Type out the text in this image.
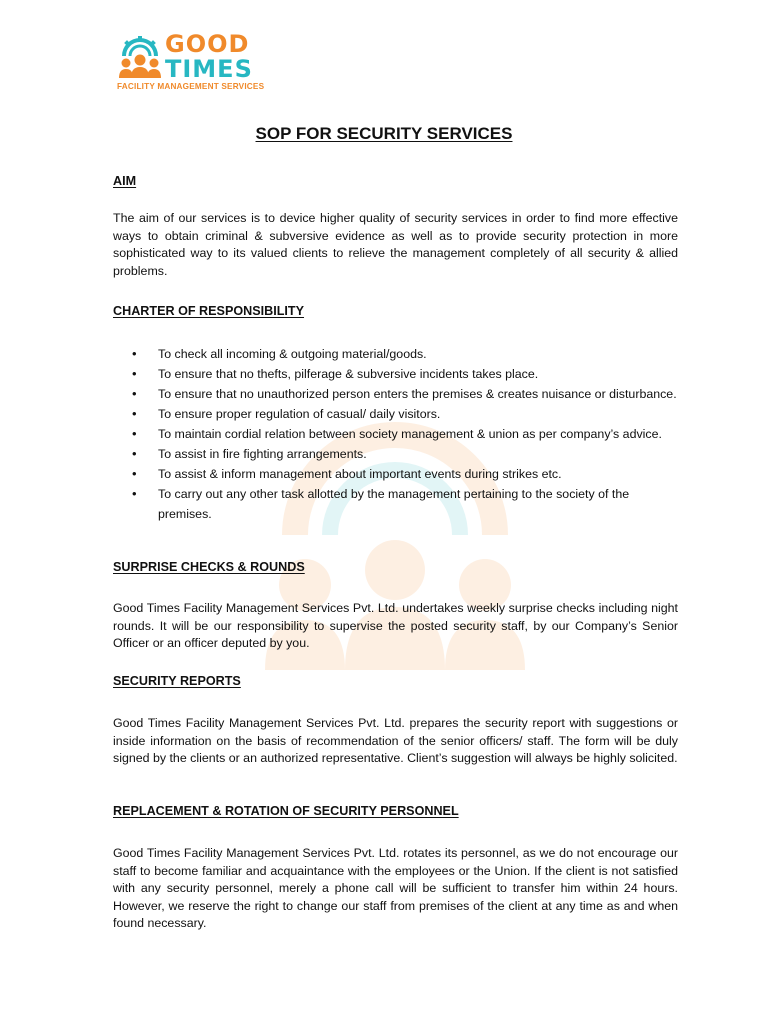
GOOD
TIMES
FACILITY MANAGEMENT SERVICES
SOP FOR SECURITY SERVICES
AIM
The aim of our services is to device higher quality of security services in order to find more effective ways to obtain criminal & subversive evidence as well as to provide security protection in more sophisticated way to its valued clients to relieve the management completely of all security & allied problems.
CHARTER OF RESPONSIBILITY
• To check all incoming & outgoing material/goods.
• To ensure that no thefts, pilferage & subversive incidents takes place.
• To ensure that no unauthorized person enters the premises & creates nuisance or disturbance.
• To ensure proper regulation of casual/ daily visitors.
• To maintain cordial relation between society management & union as per company’s advice.
• To assist in fire fighting arrangements.
• To assist & inform management about important events during strikes etc.
• To carry out any other task allotted by the management pertaining to the society of the premises.
SURPRISE CHECKS & ROUNDS
Good Times Facility Management Services Pvt. Ltd. undertakes weekly surprise checks including night rounds. It will be our responsibility to supervise the posted security staff, by our Company’s Senior Officer or an officer deputed by you.
SECURITY REPORTS
Good Times Facility Management Services Pvt. Ltd. prepares the security report with suggestions or inside information on the basis of recommendation of the senior officers/ staff. The form will be duly signed by the clients or an authorized representative. Client’s suggestion will always be highly solicited.
REPLACEMENT & ROTATION OF SECURITY PERSONNEL
Good Times Facility Management Services Pvt. Ltd. rotates its personnel, as we do not encourage our staff to become familiar and acquaintance with the employees or the Union. If the client is not satisfied with any security personnel, merely a phone call will be sufficient to transfer him within 24 hours. However, we reserve the right to change our staff from premises of the client at any time as and when found necessary.
